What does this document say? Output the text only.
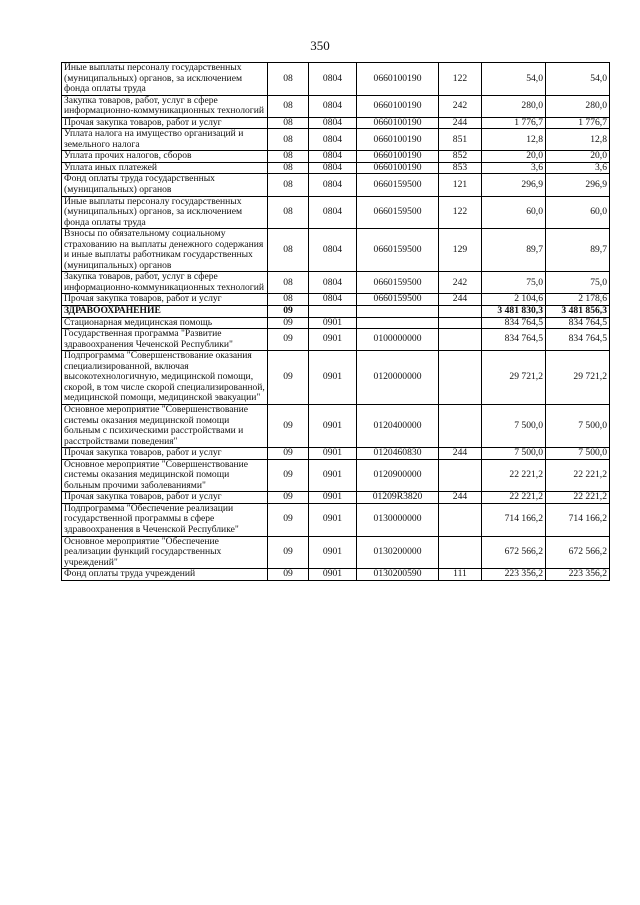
350
Иные выплаты персоналу государственных (муниципальных) органов, за исключением фонда оплаты труда	08	0804	0660100190	122	54,0	54,0
Закупка товаров, работ, услуг в сфере информационно-коммуникационных технологий	08	0804	0660100190	242	280,0	280,0
Прочая закупка товаров, работ и услуг	08	0804	0660100190	244	1 776,7	1 776,7
Уплата налога на имущество организаций и земельного налога	08	0804	0660100190	851	12,8	12,8
Уплата прочих налогов, сборов	08	0804	0660100190	852	20,0	20,0
Уплата иных платежей	08	0804	0660100190	853	3,6	3,6
Фонд оплаты труда государственных (муниципальных) органов	08	0804	0660159500	121	296,9	296,9
Иные выплаты персоналу государственных (муниципальных) органов, за исключением фонда оплаты труда	08	0804	0660159500	122	60,0	60,0
Взносы по обязательному социальному страхованию на выплаты денежного содержания и иные выплаты работникам государственных (муниципальных) органов	08	0804	0660159500	129	89,7	89,7
Закупка товаров, работ, услуг в сфере информационно-коммуникационных технологий	08	0804	0660159500	242	75,0	75,0
Прочая закупка товаров, работ и услуг	08	0804	0660159500	244	2 104,6	2 178,6
ЗДРАВООХРАНЕНИЕ	09				3 481 830,3	3 481 856,3
Стационарная медицинская помощь	09	0901			834 764,5	834 764,5
Государственная программа "Развитие здравоохранения Чеченской Республики"	09	0901	0100000000		834 764,5	834 764,5
Подпрограмма "Совершенствование оказания специализированной, включая высокотехнологичную, медицинской помощи, скорой, в том числе скорой специализированной, медицинской помощи, медицинской эвакуации"	09	0901	0120000000		29 721,2	29 721,2
Основное мероприятие "Совершенствование системы оказания медицинской помощи больным с психическими расстройствами и расстройствами поведения"	09	0901	0120400000		7 500,0	7 500,0
Прочая закупка товаров, работ и услуг	09	0901	0120460830	244	7 500,0	7 500,0
Основное мероприятие "Совершенствование системы оказания медицинской помощи больным прочими заболеваниями"	09	0901	0120900000		22 221,2	22 221,2
Прочая закупка товаров, работ и услуг	09	0901	01209R3820	244	22 221,2	22 221,2
Подпрограмма "Обеспечение реализации государственной программы в сфере здравоохранения в Чеченской Республике"	09	0901	0130000000		714 166,2	714 166,2
Основное мероприятие "Обеспечение реализации функций государственных учреждений"	09	0901	0130200000		672 566,2	672 566,2
Фонд оплаты труда учреждений	09	0901	0130200590	111	223 356,2	223 356,2
